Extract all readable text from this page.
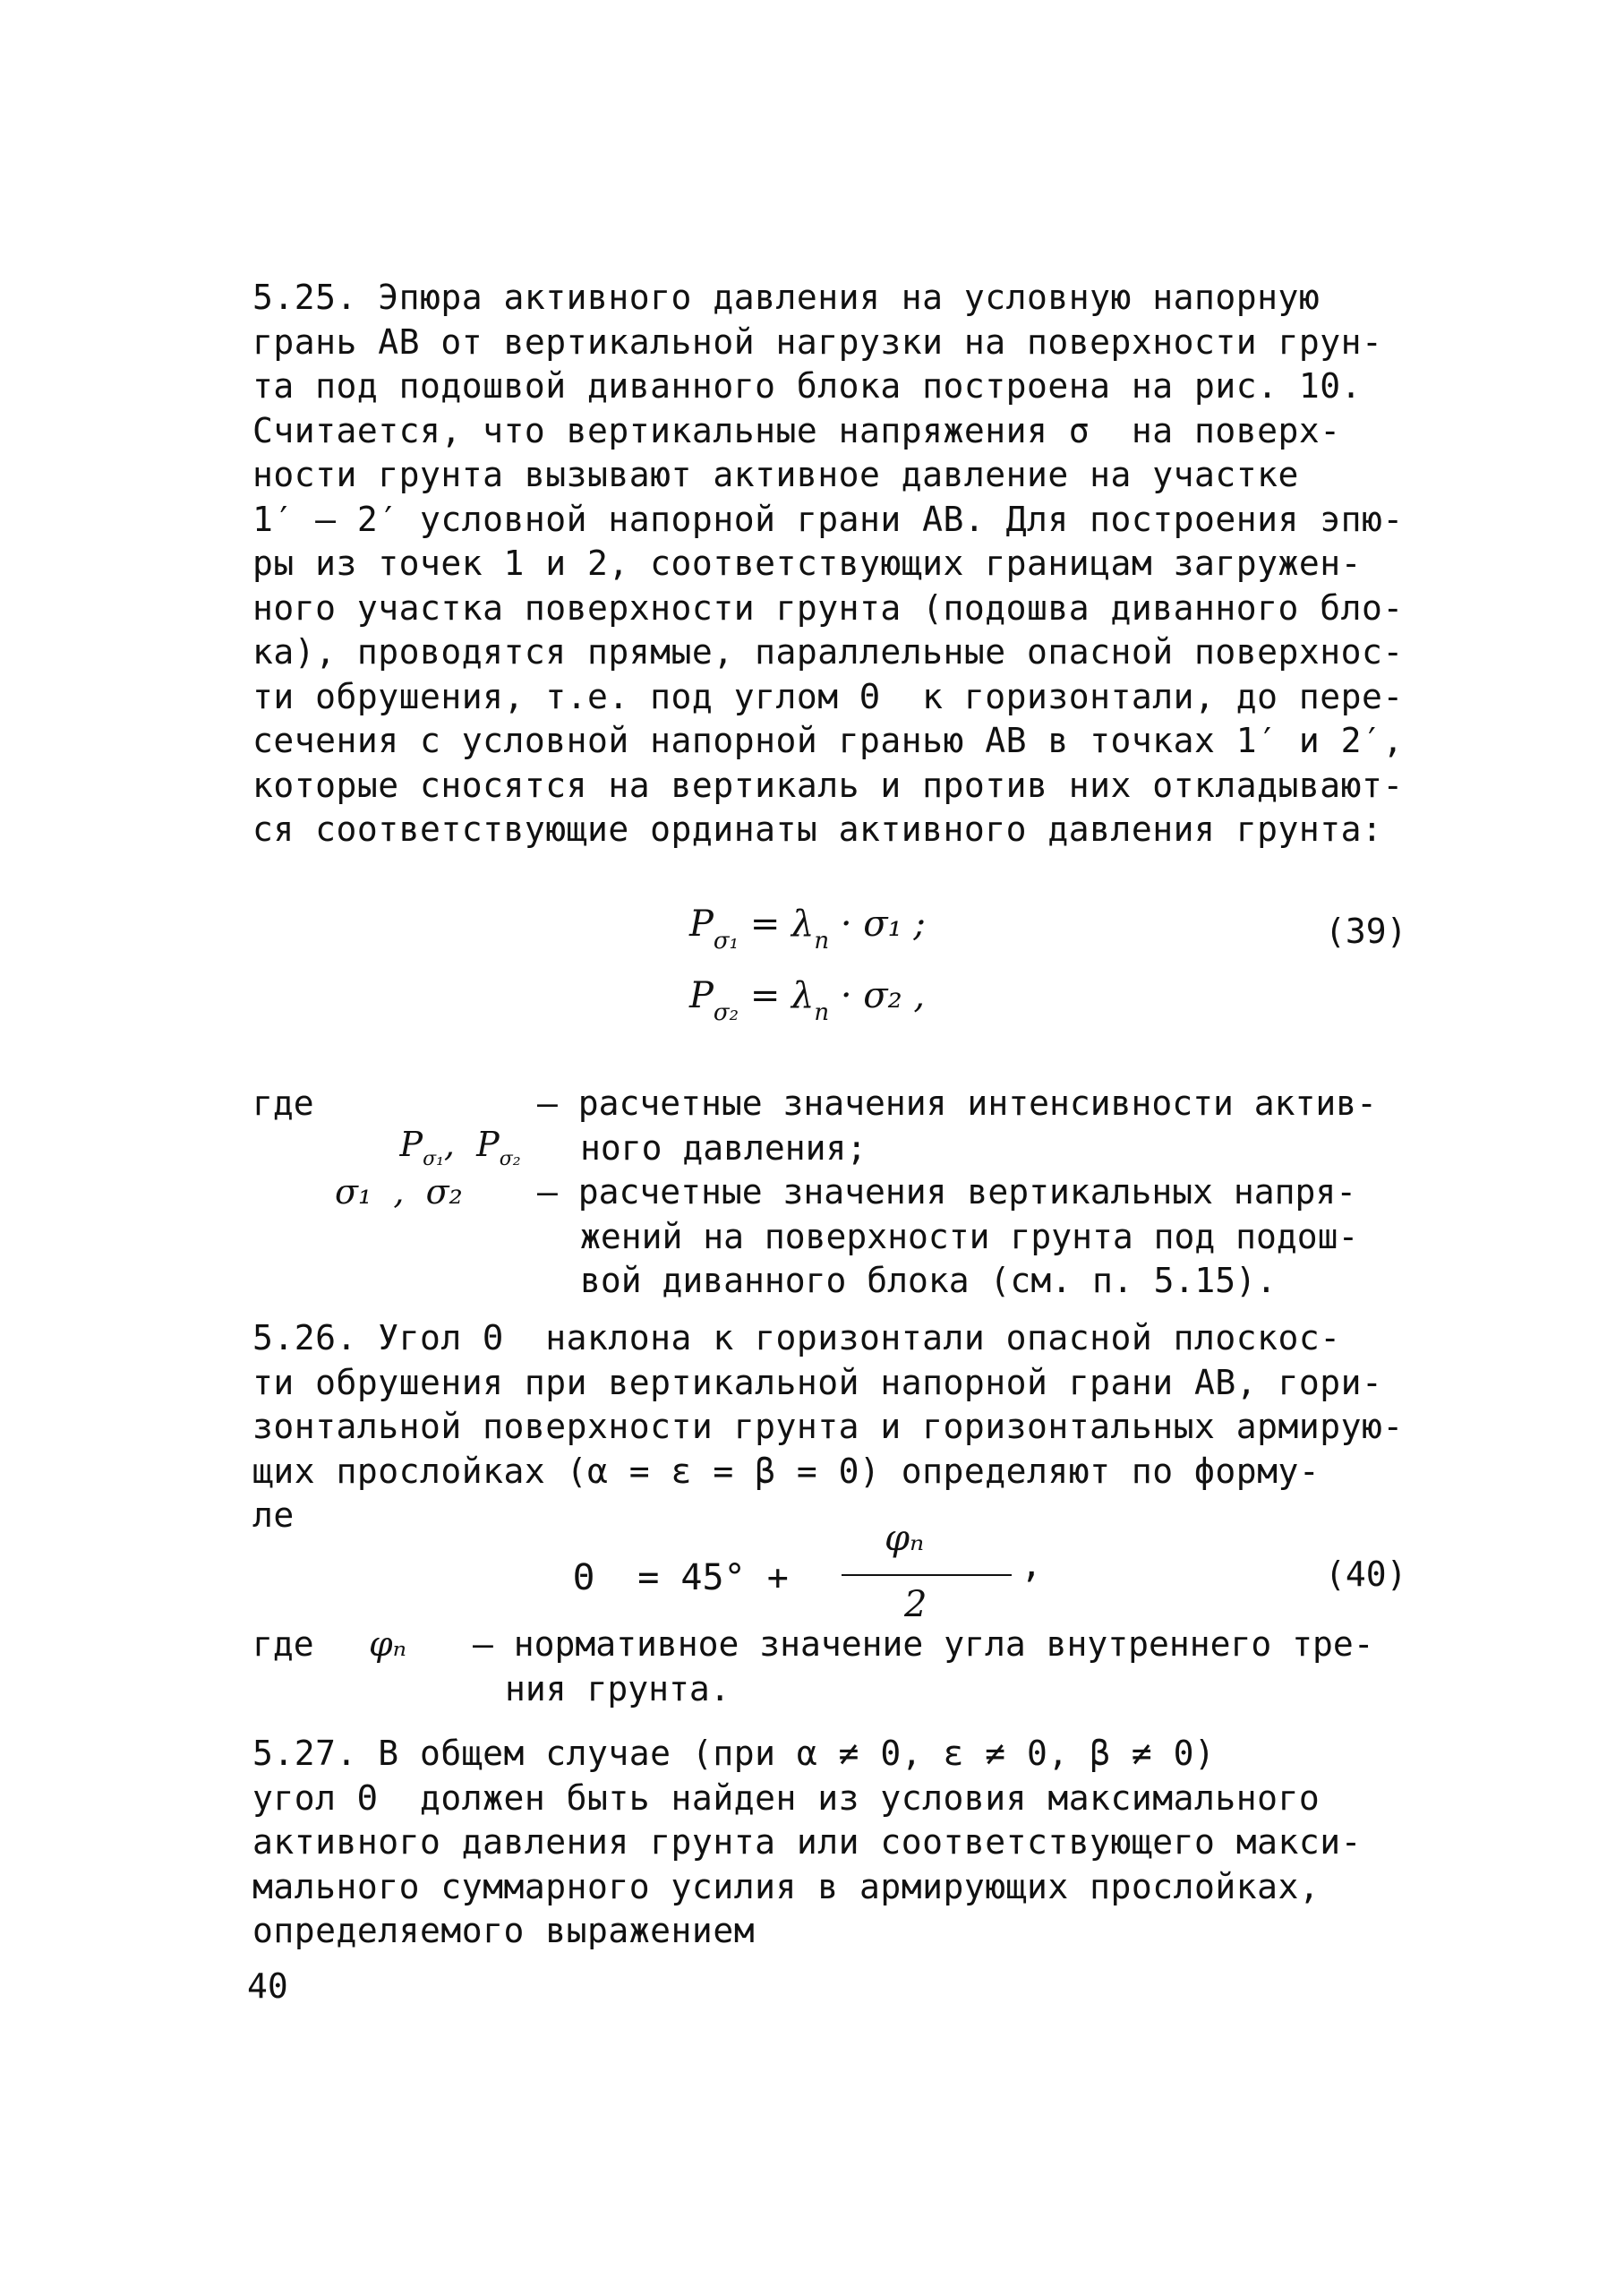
5.25. Эпюра активного давления на условную напорную
грань АВ от вертикальной нагрузки на поверхности грун-
та под подошвой диванного блока построена на рис. 10.
Считается, что вертикальные напряжения σ  на поверх-
ности грунта вызывают активное давление на участке
1′ – 2′ условной напорной грани АВ. Для построения эпю-
ры из точек 1 и 2, соответствующих границам загружен-
ного участка поверхности грунта (подошва диванного бло-
ка), проводятся прямые, параллельные опасной поверхнос-
ти обрушения, т.е. под углом Θ  к горизонтали, до пере-
сечения с условной напорной гранью АВ в точках 1′ и 2′,
которые сносятся на вертикаль и против них откладывают-
ся соответствующие ординаты активного давления грунта:
$P_{\sigma_1} = \lambda_n \cdot \sigma_1$ ;
$P_{\sigma_2} = \lambda_n \cdot \sigma_2$ ,
(39)
где

$P_{\sigma_1}$,  $P_{\sigma_2}$

– расчетные значения интенсивности актив-
ного давления;
σ₁  ,  σ₂ – расчетные значения вертикальных напря-
жений на поверхности грунта под подош-
вой диванного блока (см. п. 5.15).
5.26. Угол Θ  наклона к горизонтали опасной плоскос-
ти обрушения при вертикальной напорной грани АВ, гори-
зонтальной поверхности грунта и горизонтальных армирую-
щих прослойках (α = ε = β = 0) определяют по форму-
ле
Θ  = 45° +
φₙ
2
,	(40)
где φₙ – нормативное значение угла внутреннего тре-
ния грунта.
5.27. В общем случае (при α ≠ 0, ε ≠ 0, β ≠ 0)
угол Θ  должен быть найден из условия максимального
активного давления грунта или соответствующего макси-
мального суммарного усилия в армирующих прослойках,
определяемого выражением
40
